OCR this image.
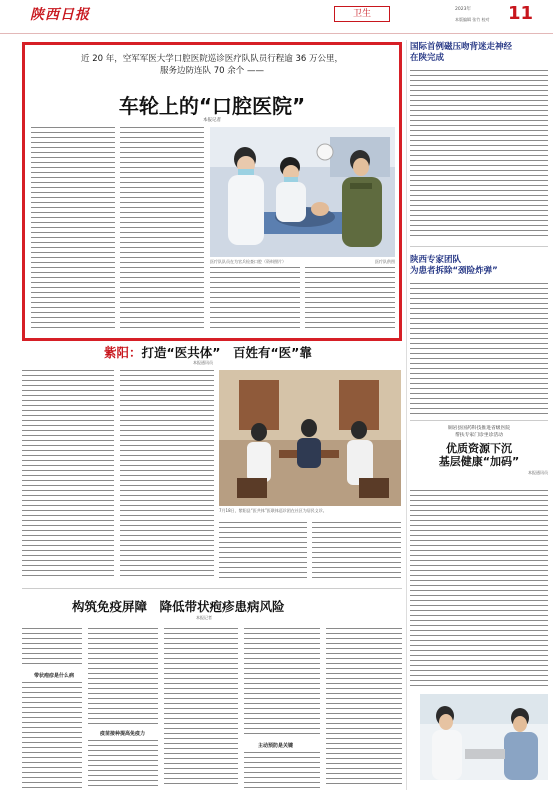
陕西日报	卫生	2023年
本版编辑 张竹 校对 11
近 20 年，空军军医大学口腔医院巡诊医疗队队员行程逾 36 万公里，
服务边防连队 70 余个 ——
车轮上的“口腔医院”
本报记者
医疗队队员在为官兵检查口腔（资料照片）	医疗队供图
国际首例磁压吻背迷走神经
在陕完成
陕西专家团队
为患者拆除“颈险炸弹”
铜岩县国药科技推进省级医院
帮扶专家门诊坐诊活动
优质资源下沉
基层健康“加码”
本报通讯员
紫阳：打造“医共体”　百姓有“医”靠
本报通讯员
7月18日，紫阳县“医共体”医联体巡诊团在社区为居民义诊。
构筑免疫屏障　降低带状疱疹患病风险
本报记者
带状疱疹是什么病
疫苗接种提高免疫力
主动预防是关键
